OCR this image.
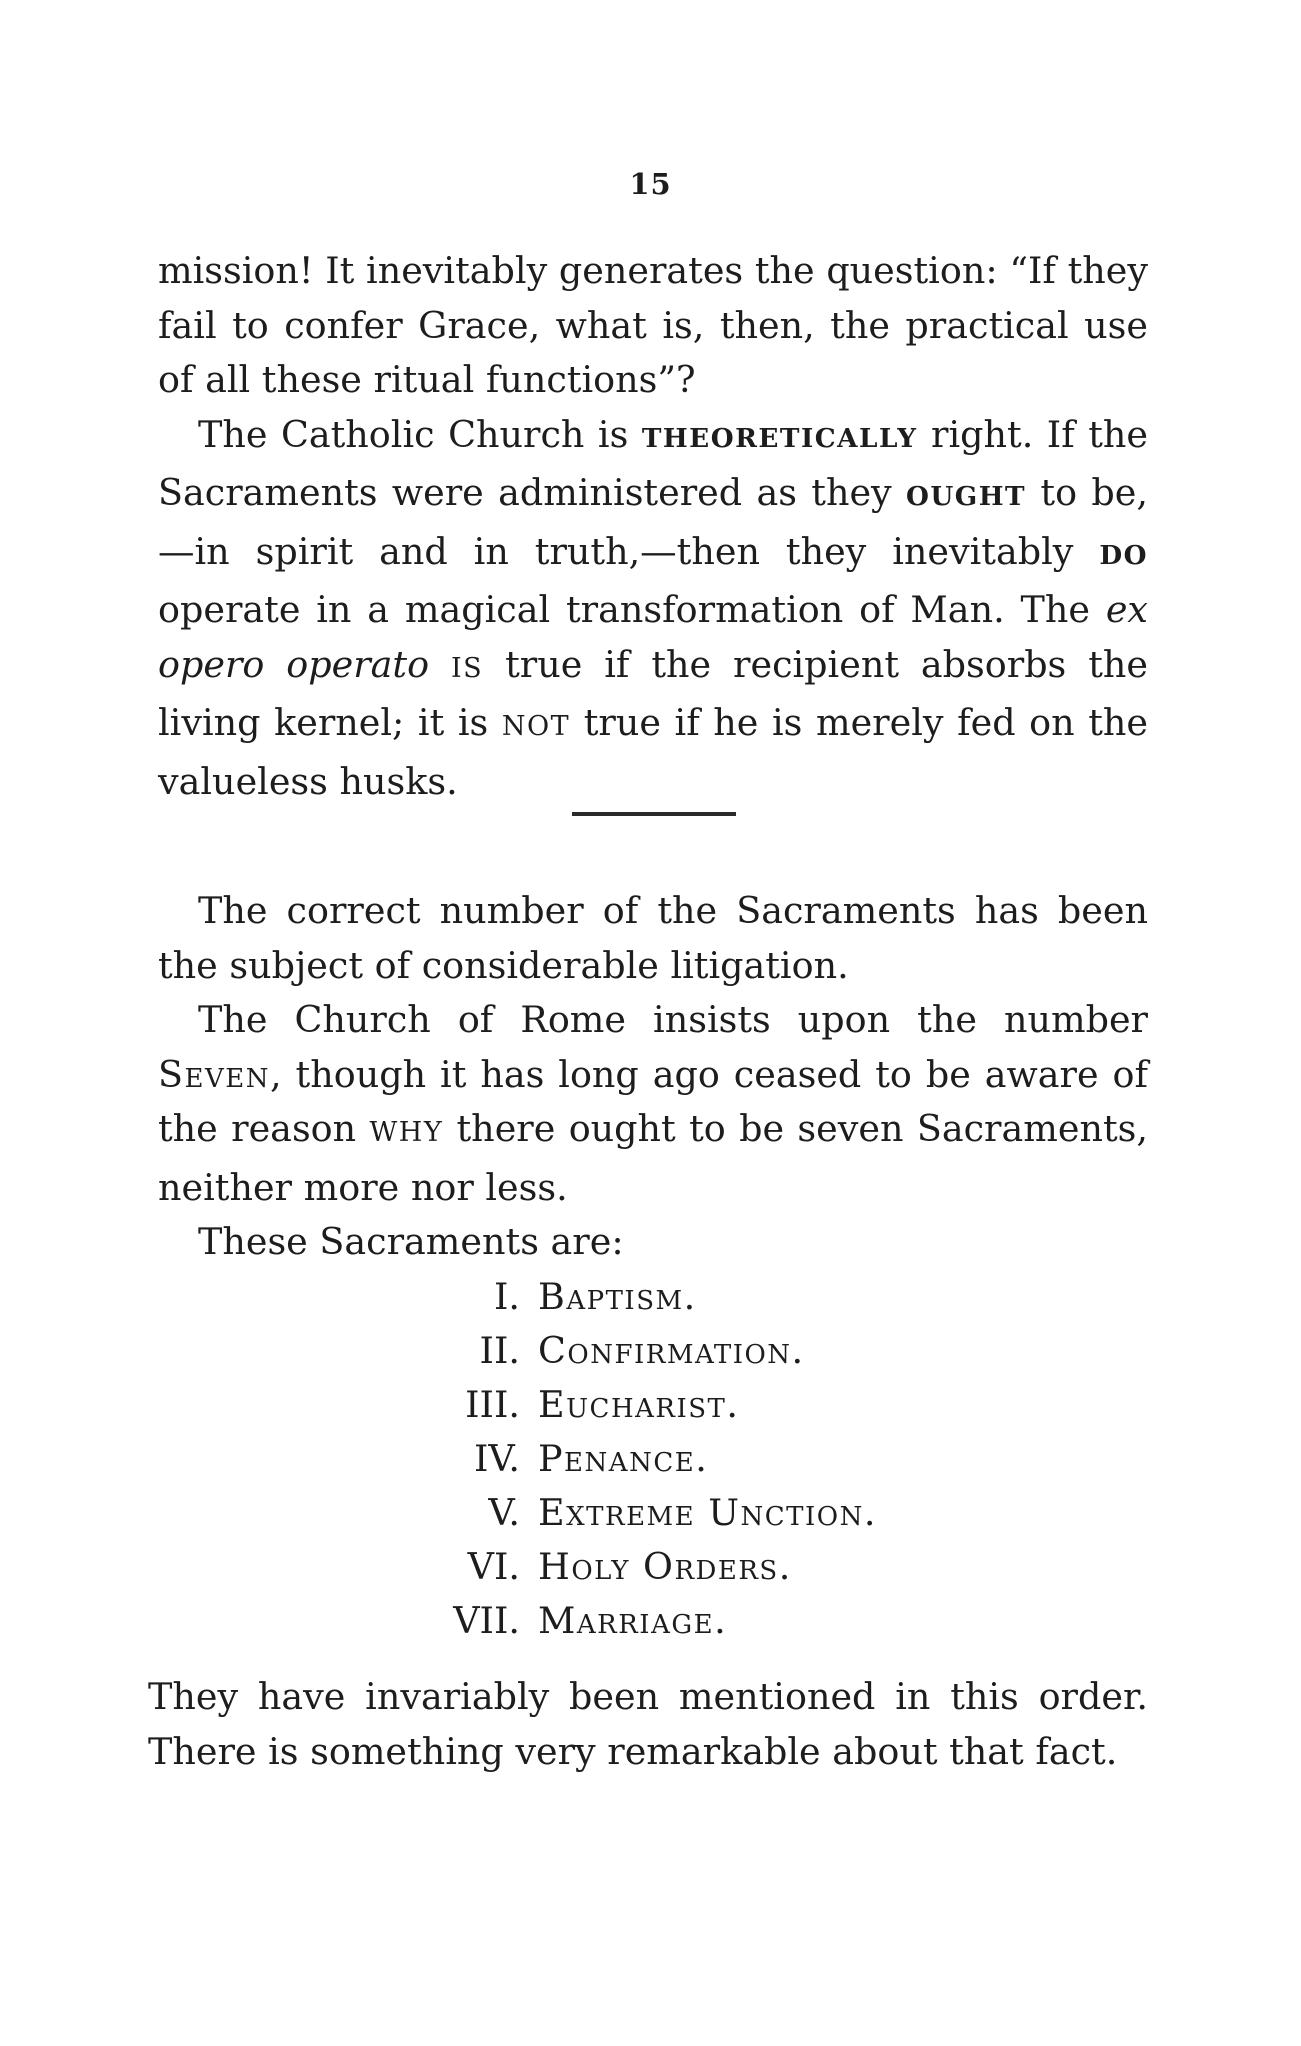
15

mission! It inevitably generates the question: “If they fail to confer Grace, what is, then, the practical use of all these ritual functions”?

The Catholic Church is THEORETICALLY right. If the Sacraments were administered as they OUGHT to be,—in spirit and in truth,—then they inevitably DO operate in a magical transformation of Man. The ex opero operato IS true if the recipient absorbs the living kernel; it is NOT true if he is merely fed on the valueless husks.

The correct number of the Sacraments has been the subject of considerable litigation.

The Church of Rome insists upon the number Seven, though it has long ago ceased to be aware of the reason WHY there ought to be seven Sacraments, neither more nor less.

These Sacraments are:

I. Baptism.
II. Confirmation.
III. Eucharist.
IV. Penance.
V. Extreme Unction.
VI. Holy Orders.
VII. Marriage.

They have invariably been mentioned in this order. There is something very remarkable about that fact.
